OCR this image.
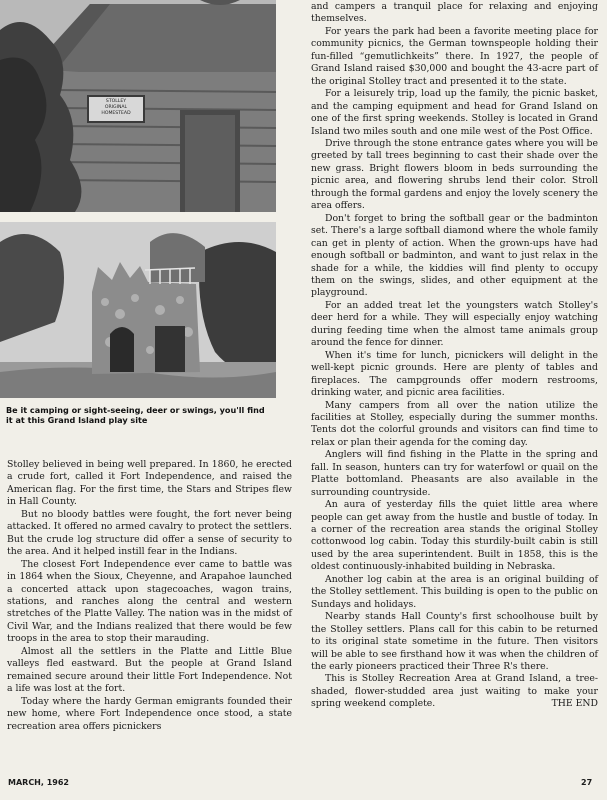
STOLLEY
ORIGINAL
HOMESTEAD
Be it camping or sight-seeing, deer or swings, you'll find it at this Grand Island play site

Stolley believed in being well prepared. In 1860, he erected a crude fort, called it Fort Independence, and raised the American flag. For the first time, the Stars and Stripes flew in Hall County.

But no bloody battles were fought, the fort never being attacked. It offered no armed cavalry to protect the settlers. But the crude log structure did offer a sense of security to the area. And it helped instill fear in the Indians.

The closest Fort Independence ever came to battle was in 1864 when the Sioux, Cheyenne, and Arapahoe launched a concerted attack upon stagecoaches, wagon trains, stations, and ranches along the central and western stretches of the Platte Valley. The nation was in the midst of Civil War, and the Indians realized that there would be few troops in the area to stop their marauding.

Almost all the settlers in the Platte and Little Blue valleys fled eastward. But the people at Grand Island remained secure around their little Fort Independence. Not a life was lost at the fort.

Today where the hardy German emigrants founded their new home, where Fort Independence once stood, a state recreation area offers picnickers

and campers a tranquil place for relaxing and enjoying themselves.

For years the park had been a favorite meeting place for community picnics, the German townspeople holding their fun-filled “gemutlichkeits” there. In 1927, the people of Grand Island raised $30,000 and bought the 43-acre part of the original Stolley tract and presented it to the state.

For a leisurely trip, load up the family, the picnic basket, and the camping equipment and head for Grand Island on one of the first spring weekends. Stolley is located in Grand Island two miles south and one mile west of the Post Office.

Drive through the stone entrance gates where you will be greeted by tall trees beginning to cast their shade over the new grass. Bright flowers bloom in beds surrounding the picnic area, and flowering shrubs lend their color. Stroll through the formal gardens and enjoy the lovely scenery the area offers.

Don't forget to bring the softball gear or the badminton set. There's a large softball diamond where the whole family can get in plenty of action. When the grown-ups have had enough softball or badminton, and want to just relax in the shade for a while, the kiddies will find plenty to occupy them on the swings, slides, and other equipment at the playground.

For an added treat let the youngsters watch Stolley's deer herd for a while. They will especially enjoy watching during feeding time when the almost tame animals group around the fence for dinner.

When it's time for lunch, picnickers will delight in the well-kept picnic grounds. Here are plenty of tables and fireplaces. The campgrounds offer modern restrooms, drinking water, and picnic area facilities.

Many campers from all over the nation utilize the facilities at Stolley, especially during the summer months. Tents dot the colorful grounds and visitors can find time to relax or plan their agenda for the coming day.

Anglers will find fishing in the Platte in the spring and fall. In season, hunters can try for waterfowl or quail on the Platte bottomland. Pheasants are also available in the surrounding countryside.

An aura of yesterday fills the quiet little area where people can get away from the hustle and bustle of today. In a corner of the recreation area stands the original Stolley cottonwood log cabin. Today this sturdily-built cabin is still used by the area superintendent. Built in 1858, this is the oldest continuously-inhabited building in Nebraska.

Another log cabin at the area is an original building of the Stolley settlement. This building is open to the public on Sundays and holidays.

Nearby stands Hall County's first schoolhouse built by the Stolley settlers. Plans call for this cabin to be returned to its original state sometime in the future. Then visitors will be able to see firsthand how it was when the children of the early pioneers practiced their Three R's there.

This is Stolley Recreation Area at Grand Island, a tree-shaded, flower-studded area just waiting to make your spring weekend complete.	THE END

MARCH, 1962	27
